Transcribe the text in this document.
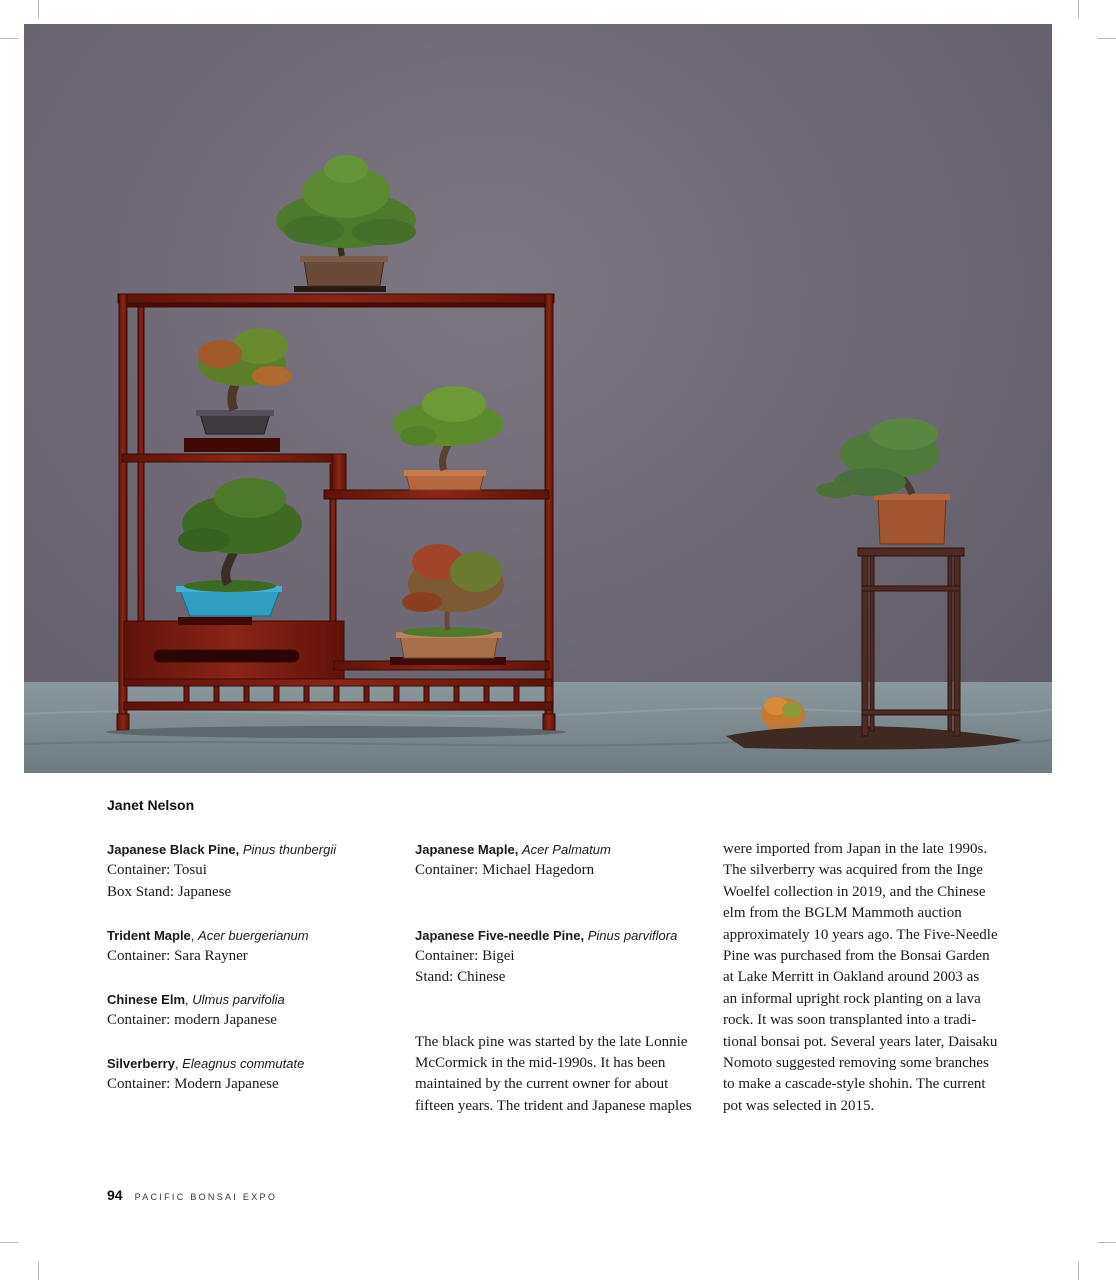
Janet Nelson
Japanese Black Pine, Pinus thunbergii

Container: Tosui

Box Stand: Japanese

Trident Maple, Acer buergerianum

Container: Sara Rayner

Chinese Elm, Ulmus parvifolia

Container: modern Japanese

Silverberry, Eleagnus commutate

Container: Modern Japanese

Japanese Maple, Acer Palmatum

Container: Michael Hagedorn

Japanese Five-needle Pine, Pinus parviflora

Container: Bigei

Stand: Chinese

The black pine was started by the late Lonnie McCormick in the mid-1990s. It has been maintained by the current owner for about fifteen years. The trident and Japanese maples

were imported from Japan in the late 1990s.
The silverberry was acquired from the Inge
Woelfel collection in 2019, and the Chinese
elm from the BGLM Mammoth auction
approximately 10 years ago. The Five-Needle
Pine was purchased from the Bonsai Garden
at Lake Merritt in Oakland around 2003 as
an informal upright rock planting on a lava
rock. It was soon transplanted into a tradi-
tional bonsai pot. Several years later, Daisaku
Nomoto suggested removing some branches
to make a cascade-style shohin. The current
pot was selected in 2015.
94 PACIFIC BONSAI EXPO
